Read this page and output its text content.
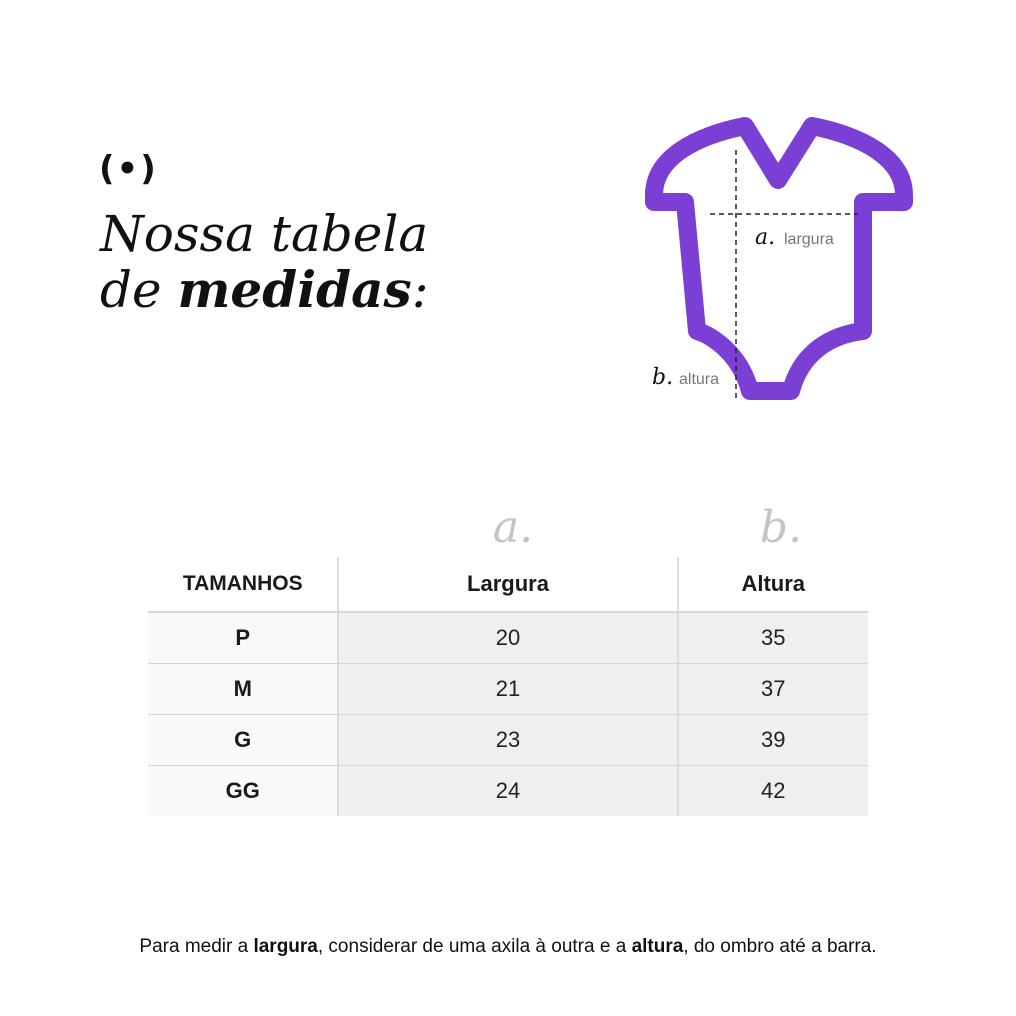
(•)
Nossa tabela
de medidas:
a. largura
b. altura
a.	b.
TAMANHOS	Largura	Altura
P	20	35
M	21	37
G	23	39
GG	24	42
Para medir a largura, considerar de uma axila à outra e a altura, do ombro até a barra.
